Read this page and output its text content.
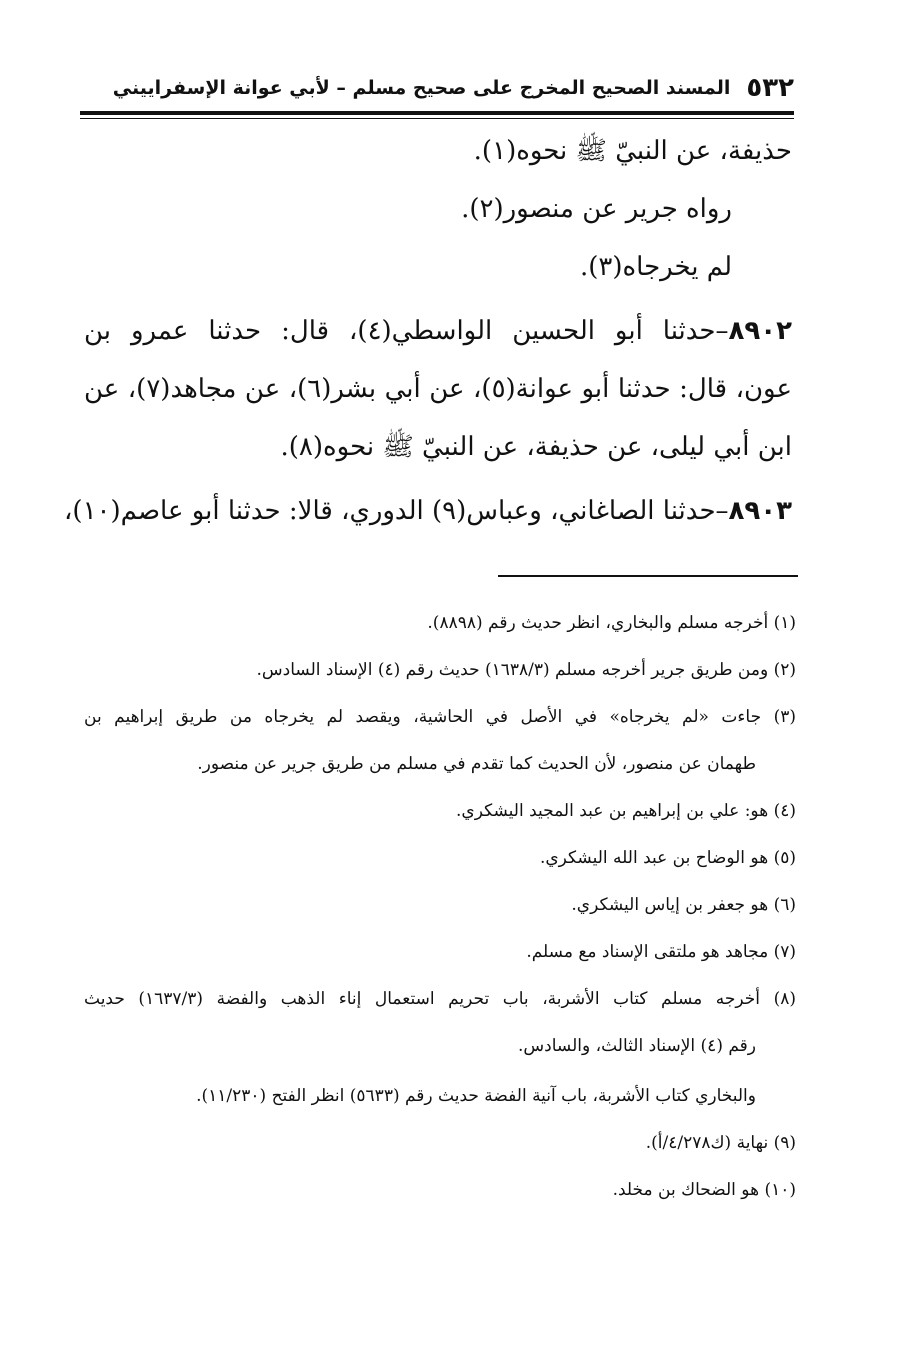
٥٣٢
المسند الصحيح المخرج على صحيح مسلم – لأبي عوانة الإسفراييني
حذيفة، عن النبيّ ﷺ نحوه(١).
رواه جرير عن منصور(٢).
لم يخرجاه(٣).
٨٩٠٢–حدثنا أبو الحسين الواسطي(٤)، قال: حدثنا عمرو بن
عون، قال: حدثنا أبو عوانة(٥)، عن أبي بشر(٦)، عن مجاهد(٧)، عن
ابن أبي ليلى، عن حذيفة، عن النبيّ ﷺ نحوه(٨).
٨٩٠٣–حدثنا الصاغاني، وعباس(٩) الدوري، قالا: حدثنا أبو عاصم(١٠)،
(١) أخرجه مسلم والبخاري، انظر حديث رقم (٨٨٩٨).
(٢) ومن طريق جرير أخرجه مسلم (١٦٣٨/٣) حديث رقم (٤) الإسناد السادس.
(٣) جاءت «لم يخرجاه» في الأصل في الحاشية، ويقصد لم يخرجاه من طريق إبراهيم بن
طهمان عن منصور، لأن الحديث كما تقدم في مسلم من طريق جرير عن منصور.
(٤) هو: علي بن إبراهيم بن عبد المجيد اليشكري.
(٥) هو الوضاح بن عبد الله اليشكري.
(٦) هو جعفر بن إياس اليشكري.
(٧) مجاهد هو ملتقى الإسناد مع مسلم.
(٨) أخرجه مسلم كتاب الأشربة، باب تحريم استعمال إناء الذهب والفضة (١٦٣٧/٣) حديث
رقم (٤) الإسناد الثالث، والسادس.
والبخاري كتاب الأشربة، باب آنية الفضة حديث رقم (٥٦٣٣) انظر الفتح (١١/٢٣٠).
(٩) نهاية (ك٤/٢٧٨/أ).
(١٠) هو الضحاك بن مخلد.
